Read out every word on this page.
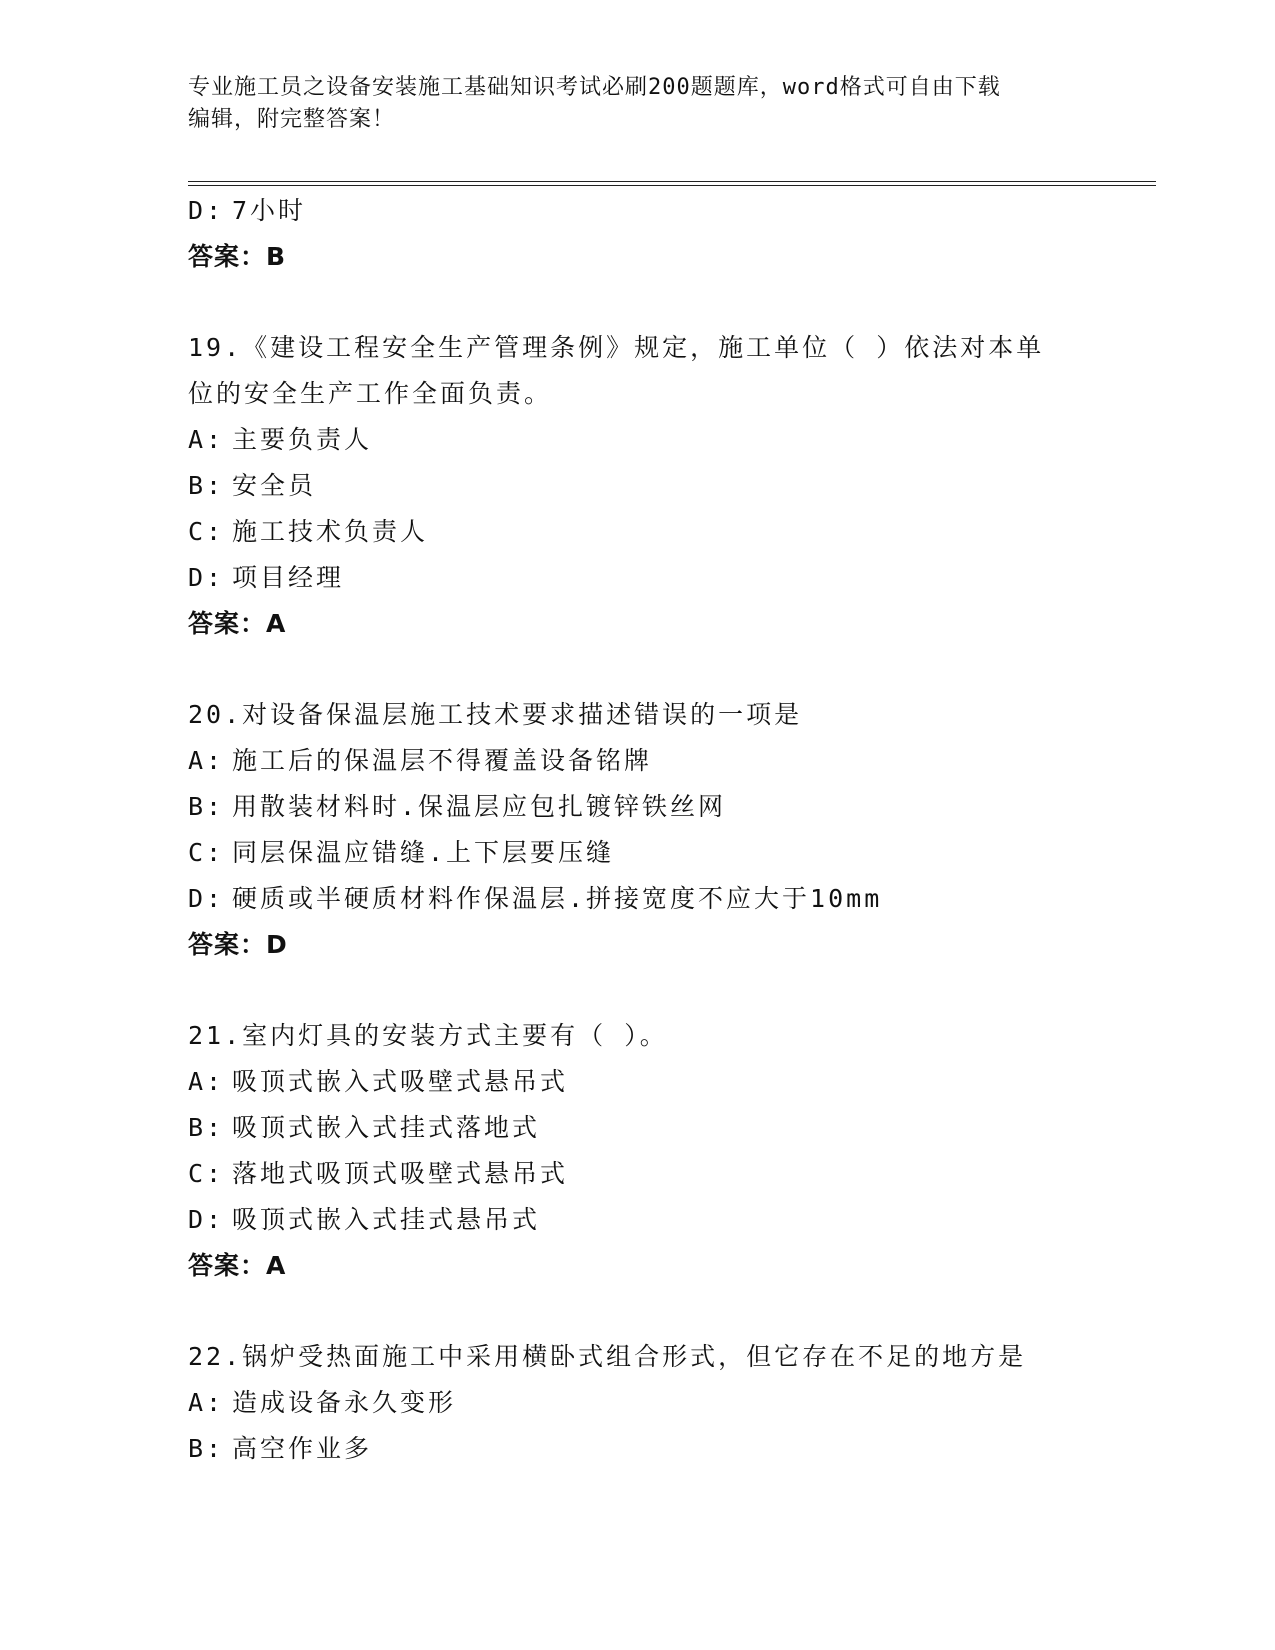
专业施工员之设备安装施工基础知识考试必刷200题题库，word格式可自由下载
编辑，附完整答案！
D: 7小时
答案：B
19.《建设工程安全生产管理条例》规定，施工单位（ ）依法对本单
位的安全生产工作全面负责。
A: 主要负责人
B: 安全员
C: 施工技术负责人
D: 项目经理
答案：A
20.对设备保温层施工技术要求描述错误的一项是
A: 施工后的保温层不得覆盖设备铭牌
B: 用散装材料时.保温层应包扎镀锌铁丝网
C: 同层保温应错缝.上下层要压缝
D: 硬质或半硬质材料作保温层.拼接宽度不应大于10mm
答案：D
21.室内灯具的安装方式主要有（ ）。
A: 吸顶式嵌入式吸壁式悬吊式
B: 吸顶式嵌入式挂式落地式
C: 落地式吸顶式吸壁式悬吊式
D: 吸顶式嵌入式挂式悬吊式
答案：A
22.锅炉受热面施工中采用横卧式组合形式，但它存在不足的地方是
A: 造成设备永久变形
B: 高空作业多
